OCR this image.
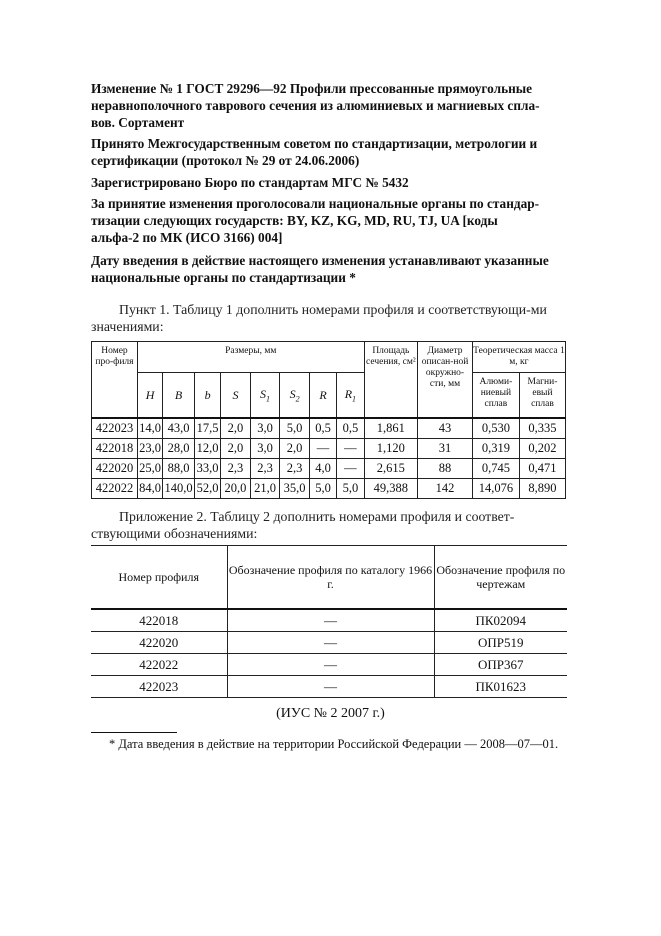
Изменение № 1 ГОСТ 29296—92 Профили прессованные прямоугольные
неравнополочного таврового сечения из алюминиевых и магниевых спла-
вов. Сортамент

Принято Межгосударственным советом по стандартизации, метрологии и
сертификации (протокол № 29 от 24.06.2006)

Зарегистрировано Бюро по стандартам МГС № 5432

За принятие изменения проголосовали национальные органы по стандар-
тизации следующих государств: BY, KZ, KG, MD, RU, TJ, UA [коды
альфа-2 по МК (ИСО 3166) 004]

Дату введения в действие настоящего изменения устанавливают указанные
национальные органы по стандартизации *

Пункт 1. Таблицу 1 дополнить номерами профиля и соответствующи-ми значениями:

Номер про-филя	Размеры, мм								Площадь сечения, см²	Диаметр описан-ной окружно-сти, мм	Теоретическая масса 1 м, кг	
	H	B	b	S	$S_1$	$S_2$	R	$R_1$			Алюми-ниевый сплав	Магни-евый сплав
422023	14,0	43,0	17,5	2,0	3,0	5,0	0,5	0,5	1,861	43	0,530	0,335
422018	23,0	28,0	12,0	2,0	3,0	2,0	—	—	1,120	31	0,319	0,202
422020	25,0	88,0	33,0	2,3	2,3	2,3	4,0	—	2,615	88	0,745	0,471
422022	84,0	140,0	52,0	20,0	21,0	35,0	5,0	5,0	49,388	142	14,076	8,890

Приложение 2. Таблицу 2 дополнить номерами профиля и соответ-ствующими обозначениями:

Номер профиля	Обозначение профиля по каталогу 1966 г.	Обозначение профиля по чертежам
422018	—	ПК02094
422020	—	ОПР519
422022	—	ОПР367
422023	—	ПК01623
(ИУС № 2 2007 г.)

* Дата введения в действие на территории Российской Федерации — 2008—07—01.
